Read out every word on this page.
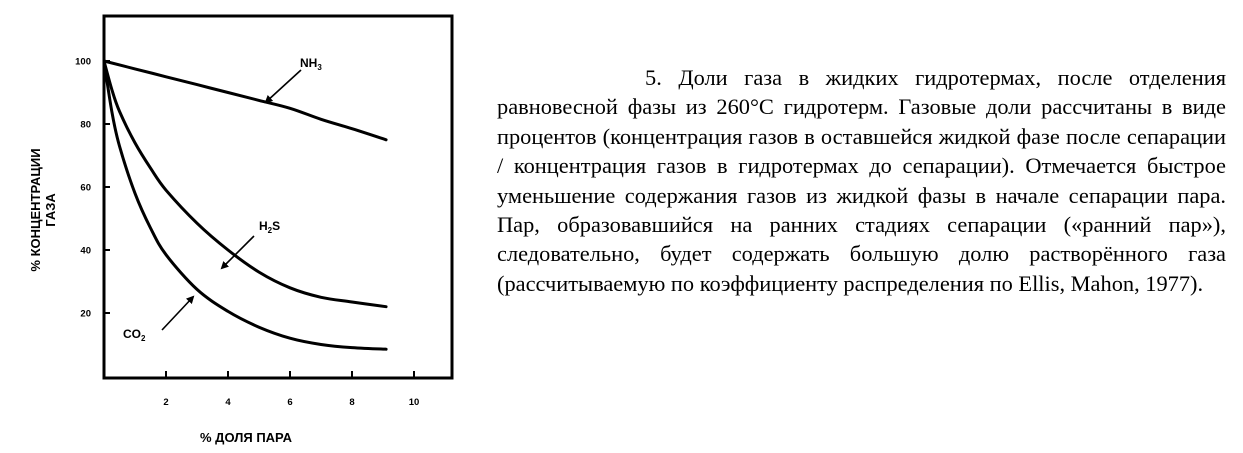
2	4	6	8	10
20
40
60
80
100	$NH_3$
$H_2S$
$CO_2$
% ДОЛЯ ПАРА
% КОНЦЕНТРАЦИИ ГАЗА

5. Доли газа в жидких гидротермах, после отделения равновесной фазы из 260°С гидротерм. Газовые доли рассчитаны в виде процентов (концентрация газов в оставшейся жидкой фазе после сепарации / концентрация газов в гидротермах до сепарации). Отмечается быстрое уменьшение содержания газов из жидкой фазы в начале сепарации пара. Пар, образовавшийся на ранних стадиях сепарации («ранний пар»), следовательно, будет содержать большую долю растворённого газа (рассчитываемую по коэффициенту распределения по Ellis, Mahon, 1977).
